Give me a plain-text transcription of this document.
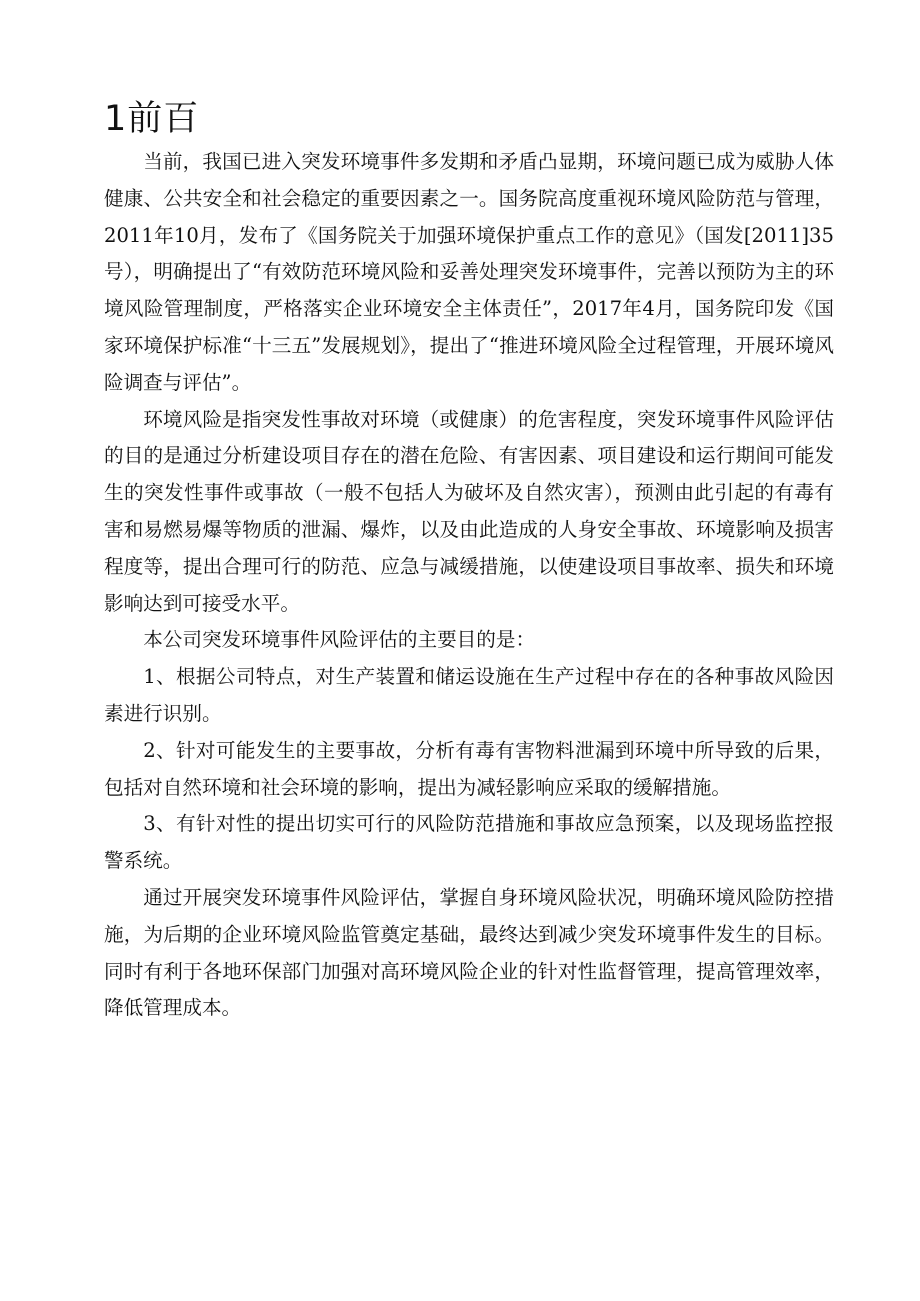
1前百

当前，我国已进入突发环境事件多发期和矛盾凸显期，环境问题已成为威胁人体健康、公共安全和社会稳定的重要因素之一。国务院高度重视环境风险防范与管理，2011年10月，发布了《国务院关于加强环境保护重点工作的意见》（国发[2011]35号），明确提出了“有效防范环境风险和妥善处理突发环境事件，完善以预防为主的环境风险管理制度，严格落实企业环境安全主体责任”，2017年4月，国务院印发《国家环境保护标准“十三五”发展规划》，提出了“推进环境风险全过程管理，开展环境风险调查与评估”。

环境风险是指突发性事故对环境（或健康）的危害程度，突发环境事件风险评估的目的是通过分析建设项目存在的潜在危险、有害因素、项目建设和运行期间可能发生的突发性事件或事故（一般不包括人为破坏及自然灾害），预测由此引起的有毒有害和易燃易爆等物质的泄漏、爆炸，以及由此造成的人身安全事故、环境影响及损害程度等，提出合理可行的防范、应急与减缓措施，以使建设项目事故率、损失和环境影响达到可接受水平。

本公司突发环境事件风险评估的主要目的是：

1、根据公司特点，对生产装置和储运设施在生产过程中存在的各种事故风险因素进行识别。

2、针对可能发生的主要事故，分析有毒有害物料泄漏到环境中所导致的后果，包括对自然环境和社会环境的影响，提出为减轻影响应采取的缓解措施。

3、有针对性的提出切实可行的风险防范措施和事故应急预案，以及现场监控报警系统。

通过开展突发环境事件风险评估，掌握自身环境风险状况，明确环境风险防控措施，为后期的企业环境风险监管奠定基础，最终达到减少突发环境事件发生的目标。同时有利于各地环保部门加强对高环境风险企业的针对性监督管理，提高管理效率，降低管理成本。
